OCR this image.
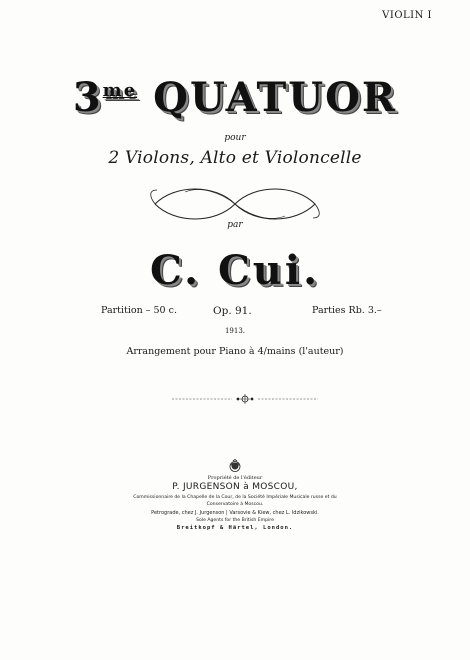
VIOLIN I
$3^{me}$ QUATUOR
pour
2 Violons, Alto et Violoncelle
par
C. Cui.
Partition – 50 c.	Op. 91.	Parties Rb. 3.–
1913.
Arrangement pour Piano à 4/mains (l'auteur)
Propriété de l'éditeur
P. JURGENSON à MOSCOU,
Commissionnaire de la Chapelle de la Cour, de la Société Impériale Musicale russe et du
Conservatoire à Moscou.
Petrograde, chez J. Jurgenson | Varsovie & Kiew, chez L. Idzikowski.
Sole Agents for the British Empire
Breitkopf & Härtel, London.
